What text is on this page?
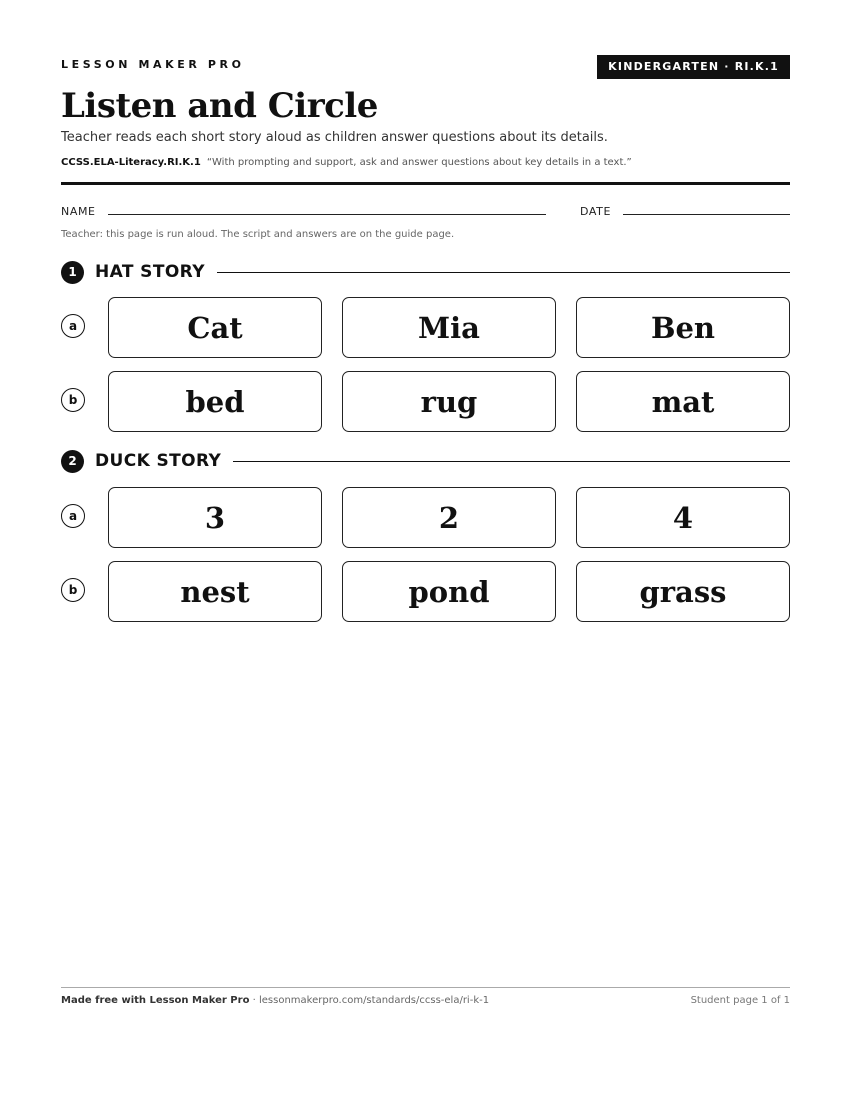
LESSON MAKER PRO	KINDERGARTEN · RI.K.1
Listen and Circle
Teacher reads each short story aloud as children answer questions about its details.
CCSS.ELA-Literacy.RI.K.1 “With prompting and support, ask and answer questions about key details in a text.”
NAME	DATE
Teacher: this page is run aloud. The script and answers are on the guide page.
1	HAT STORY
a	Cat	Mia	Ben
b	bed	rug	mat
2	DUCK STORY
a	3	2	4
b	nest	pond	grass
Made free with Lesson Maker Pro · lessonmakerpro.com/standards/ccss-ela/ri-k-1	Student page 1 of 1
